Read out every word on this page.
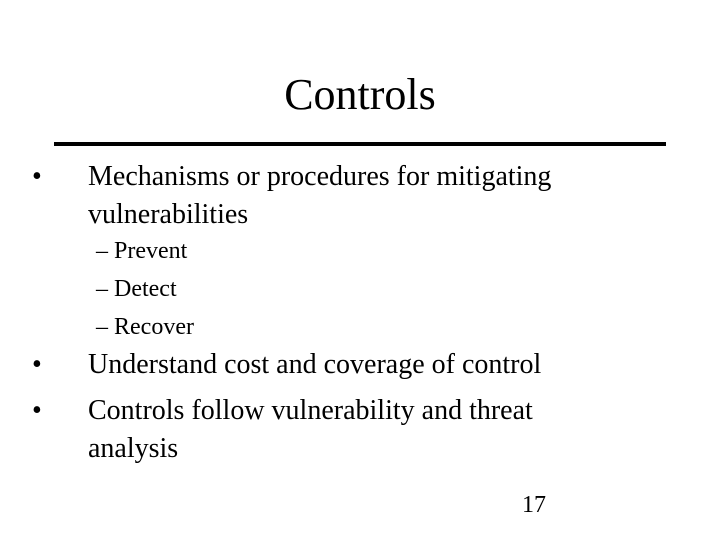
Controls
•	Mechanisms or procedures for mitigating
vulnerabilities
– Prevent
– Detect
– Recover
•	Understand cost and coverage of control
•	Controls follow vulnerability and threat
analysis
17
